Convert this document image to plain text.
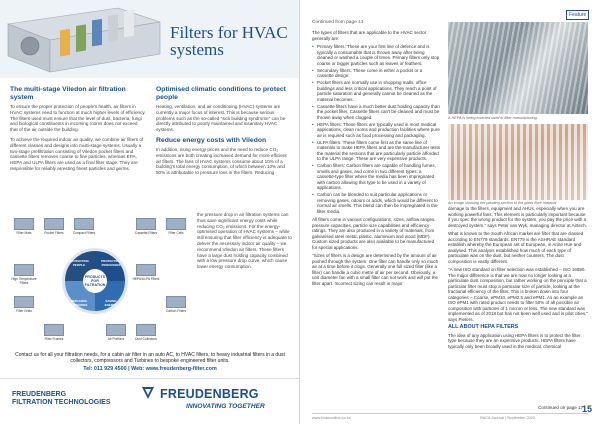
Filters for HVAC systems
The multi-stage Viledon air filtration system

To ensure the proper protection of people's health, air filters in HVAC systems need to function at much higher levels of efficiency. The filters used must ensure that the level of dust, bacteria, fungi and biological constituents in incoming rooms does not exceed that of the air outside the building.

To achieve the required indoor air quality, we combine air filters of different classes and designs into multi-stage systems. Usually a two-stage prefiltration consisting of Viledon pocket filters and cassette filters removes coarse to fine particles, whereas EPA, HEPA and ULPA filters are used as a final filter stage. They are responsible for reliably arresting finest particles and germs.

Optimised climatic conditions to protect people

Heating, ventilation, and air conditioning (HVAC) systems are currently a major focus of interest. This is because serious problems such as the so-called "sick building syndrome" can be directly attributed to poorly maintained and insanitary HVAC systems.

Reduce energy costs with Viledon

In addition, rising energy prices and the need to reduce CO₂ emissions are both creating increased demand for more efficient air filters. The fans of HVAC systems consume about 10% of a building's total energy consumption, of which between 10% and 50% is attributable to pressure loss in the filters. Reducing

Filter Mats	Pocket Filters	Compact Filters	Cassette Filters	Filter Cells
High Temperature Filters
Filter Grids
HEPA/ULPA Filters
Carbon Filters
Filter Frames	Air Purifiers	Dust Collectors
PROTECTING PEOPLE
PROTECTING PROCESSES
SAVING ENERGY
REDUCING EMISSIONS
PRODUCTS FOR FILTRATION
the pressure drop in air filtration systems can thus save significant energy costs while reducing CO₂ emissions. For the energy-optimised operation of HVAC systems – while still ensuring that filter efficiency is adequate to deliver the necessary indoor air quality – we recommend Viledon air filters. These filters have a large dust holding capacity combined with a low pressure drop curve, which cause lower energy consumption.
Contact us for all your filtration needs, for a cabin air filter in an auto AC, to HVAC filters, to heavy industrial filters in a dust collectors, compressors and Turbines to bespoke engineered filter units.
Tel: 011 929 4500 | Web: www.freudenberg-filter.com
FREUDENBERG
FILTRATION TECHNOLOGIES
FREUDENBERG
INNOVATING TOGETHER
Feature
Continued from page 13

The types of filters that are applicable to the HVAC sector generally are:

• Primary filters: These are your first line of defence and is typically a consumable that is thrown away after being cleaned or washed a couple of times. Primary filters only stop coarse or bigger particles such as leaves or feathers.
• Secondary filters: These come in either a pocket or a cassette design:
• Pocket filters are normally use in shopping malls, office buildings and less critical applications. They reach a point of particle saturation and generally cannot be cleaned as the material becomes.
• Cassette filters have a much better dust holding capacity than the pocket filter. Cassette filters can't be cleaned and must be thrown away when clogged.
• HEPA filters: These filters are typically used in most medical applications, clean rooms and production facilities where pure air is required such as food processing and packaging.
• ULPA filters: These filters come first as the same line of materials to make HEPA filters and are the manufacturer tests the material the sections that are particularly particle afforded to the ULPA range. These are very expensive products.
• Carbon filters: Carbon filters are capable of handling fumes, smells and gases, and come in two different types: a cassette-type filter where the media has been impregnated with carbon allowing this type to be used in a variety of applications.
• Carbon can be blended to suit particular applications or removing gases, odours or acids, which would be different to normal air smells. This blend can then be impregnated in the filter media.

All filters come in various configurations, sizes, airflow ranges, pressure capacities, particle size capabilities and efficiency ratings. They are also produced in a variety of materials, from galvanised steel metal, plastic, aluminium and wood (MDF). Custom sized products are also available to be manufactured for special applications.

"Sizes of filters is a design are determined by the amount of air pushed through the system. One filter can handle only so much air at a time before it clogs. Generally one full sized filter (like a filter) can handle a cubic metre of air per second. Obviously, a unit diameter fan with a small filter can not work and will put the filter apart. Incorrect sizing can result in major

A HEPA is being inserted used in filter manufacturing
An image showing the pleating section of the glass fibre material

damage to the filters, equipment and AHUs, especially when you are working powerful fans. This element is particularly important because if you spec the wrong product for the system, you pay the price with a destroyed system," says Peter van Wyk, managing director at Airtech.

What is known to the South African market are filter that are classed according to EN779 standards. EN779 is the ASHRAE standard establish whereby the European set of European, in Anne Hue and analysed. This analysis established how much of each type of particulate was on the dust, but neither counters. The dust composition is vastly different.

"A new ISO standard on filter selection was established – ISO 16890. The major difference is that we are now no longer looking at a particulate dust composition, but rather working on the principle that a particular filter must stop a particular size of particle, looking at the fractional efficiency of the filter. This is broken down into four categories – Coarse, ePM10, ePM2.5 and ePM1. As an example an ISO ePM1 with rated product needs to filter 50% of all possible air composition with particles of 1 micron or less. The new standard was implemented as of 2018 but has not been well used and is pilot cities," says Pieters.

ALL ABOUT HEPA FILTERS

The idea of any application using HEPA filters is to protect the filter type because they are an expensive products. HEPA filters have typically only been broadly used in the medical, chemical

Continued on page 17
15
www.hvacronline.co.za	RACA Journal | September 2020
